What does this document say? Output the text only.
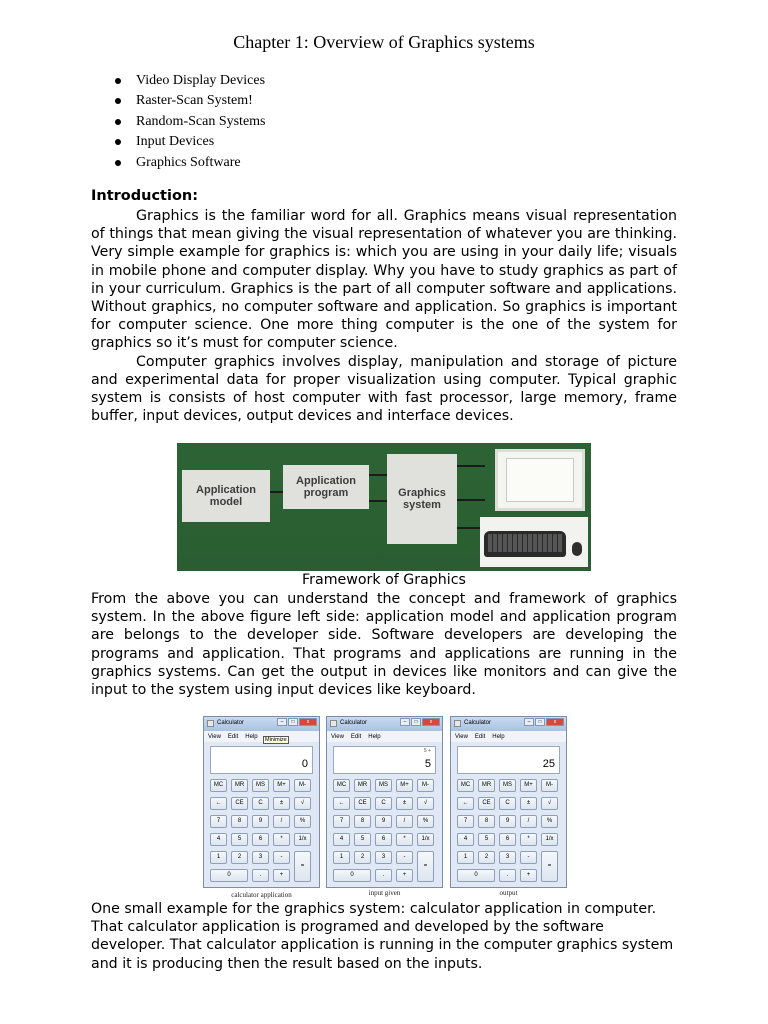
Chapter 1: Overview of Graphics systems
Video Display Devices
Raster-Scan System!
Random-Scan Systems
Input Devices
Graphics Software
Introduction:

Graphics is the familiar word for all. Graphics means visual representation of things that mean giving the visual representation of whatever you are thinking. Very simple example for graphics is: which you are using in your daily life; visuals in mobile phone and computer display. Why you have to study graphics as part of in your curriculum. Graphics is the part of all computer software and applications. Without graphics, no computer software and application. So graphics is important for computer science. One more thing computer is the one of the system for graphics so it’s must for computer science.

Computer graphics involves display, manipulation and storage of picture and experimental data for proper visualization using computer. Typical graphic system is consists of host computer with fast processor, large memory, frame buffer, input devices, output devices and interface devices.

Application model
Application program	Graphics system
Framework of Graphics

From the above you can understand the concept and framework of graphics system. In the above figure left side: application model and application program are belongs to the developer side. Software developers are developing the programs and application. That programs and applications are running in the graphics systems. Can get the output in devices like monitors and can give the input to the system using input devices like keyboard.

Calculator	–	□	x
View Edit Help
0
MC	MR	MS	M+	M-
←	CE	C	±	√
7	8	9	/	%
4	5	6	*	1/x
1	2	3	-
=
0	.	+
Minimize
Calculator	–	□	x
View Edit Help
5 +
5
MC	MR	MS	M+	M-
←	CE	C	±	√
7	8	9	/	%
4	5	6	*	1/x
1	2	3	-
=
0	.	+
Calculator	–	□	x
View Edit Help
25
MC	MR	MS	M+	M-
←	CE	C	±	√
7	8	9	/	%
4	5	6	*	1/x
1	2	3	-
=
0	.	+
calculator application	input given	output

One small example for the graphics system: calculator application in computer. That calculator application is programed and developed by the software developer. That calculator application is running in the computer graphics system and it is producing then the result based on the inputs.
